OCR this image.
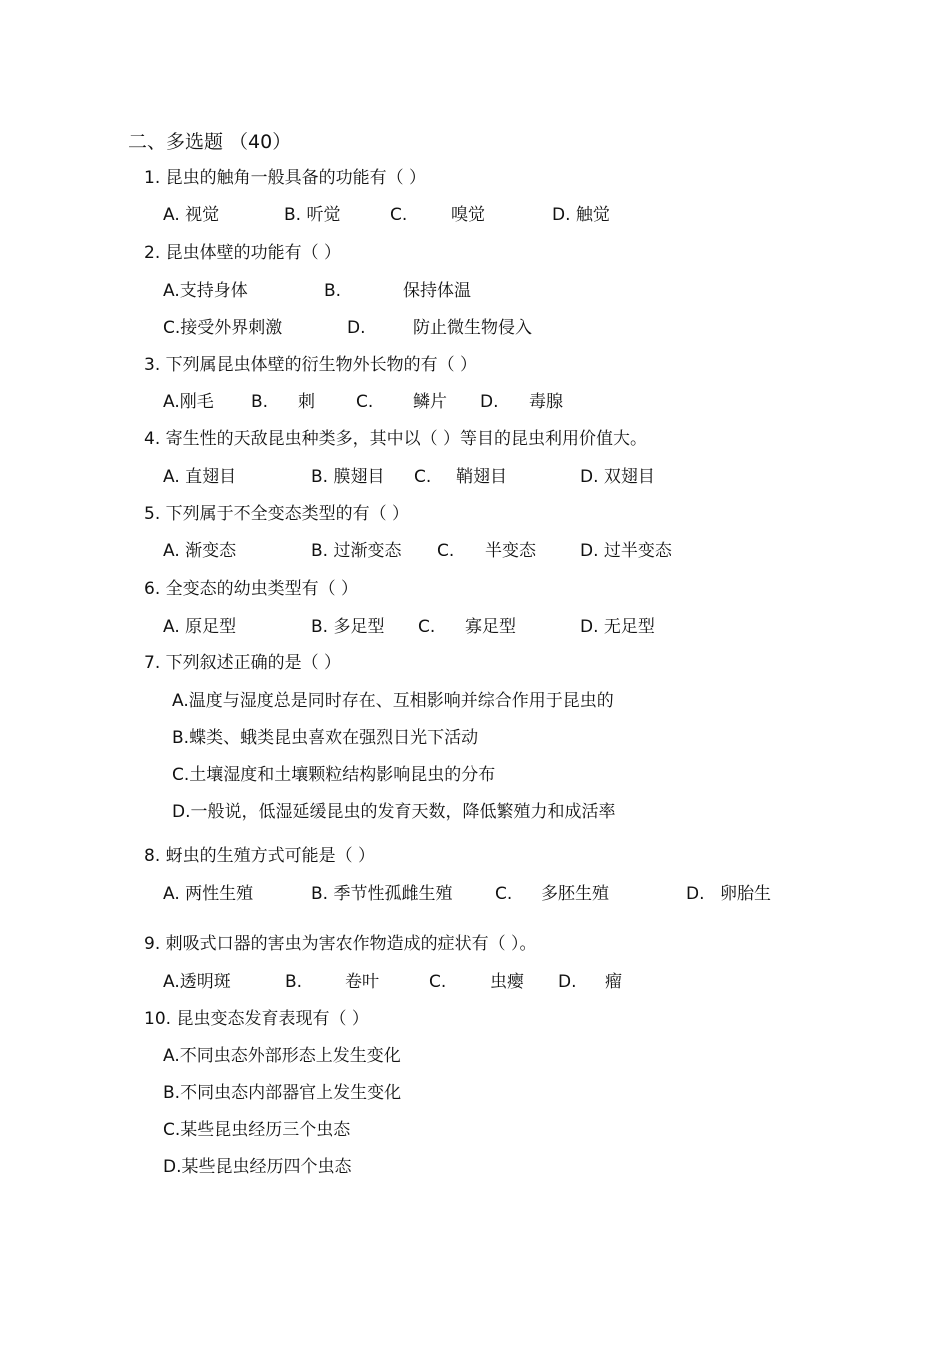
二、多选题 （40）
1. 昆虫的触角一般具备的功能有（ ）
A. 视觉	B. 听觉	C.	嗅觉	D. 触觉
2. 昆虫体壁的功能有（ ）
A.支持身体	B.	保持体温
C.接受外界刺激	D.	防止微生物侵入
3. 下列属昆虫体壁的衍生物外长物的有（ ）
A.刚毛 B. 刺 C. 鳞片 D. 毒腺
4. 寄生性的天敌昆虫种类多，其中以（ ）等目的昆虫利用价值大。
A. 直翅目	B. 膜翅目 C. 鞘翅目	D. 双翅目
5. 下列属于不全变态类型的有（ ）
A. 渐变态	B. 过渐变态 C. 半变态	D. 过半变态
6. 全变态的幼虫类型有（ ）
A. 原足型	B. 多足型 C. 寡足型	D. 无足型
7. 下列叙述正确的是（ ）
A.温度与湿度总是同时存在、互相影响并综合作用于昆虫的
B.蝶类、蛾类昆虫喜欢在强烈日光下活动
C.土壤湿度和土壤颗粒结构影响昆虫的分布
D.一般说，低湿延缓昆虫的发育天数，降低繁殖力和成活率
8. 蚜虫的生殖方式可能是（ ）
A. 两性生殖	B. 季节性孤雌生殖	C. 多胚生殖	D. 卵胎生
9. 刺吸式口器的害虫为害农作物造成的症状有（ ）。
A.透明斑	B.	卷叶	C.	虫瘿 D. 瘤
10. 昆虫变态发育表现有（ ）
A.不同虫态外部形态上发生变化
B.不同虫态内部器官上发生变化
C.某些昆虫经历三个虫态
D.某些昆虫经历四个虫态
